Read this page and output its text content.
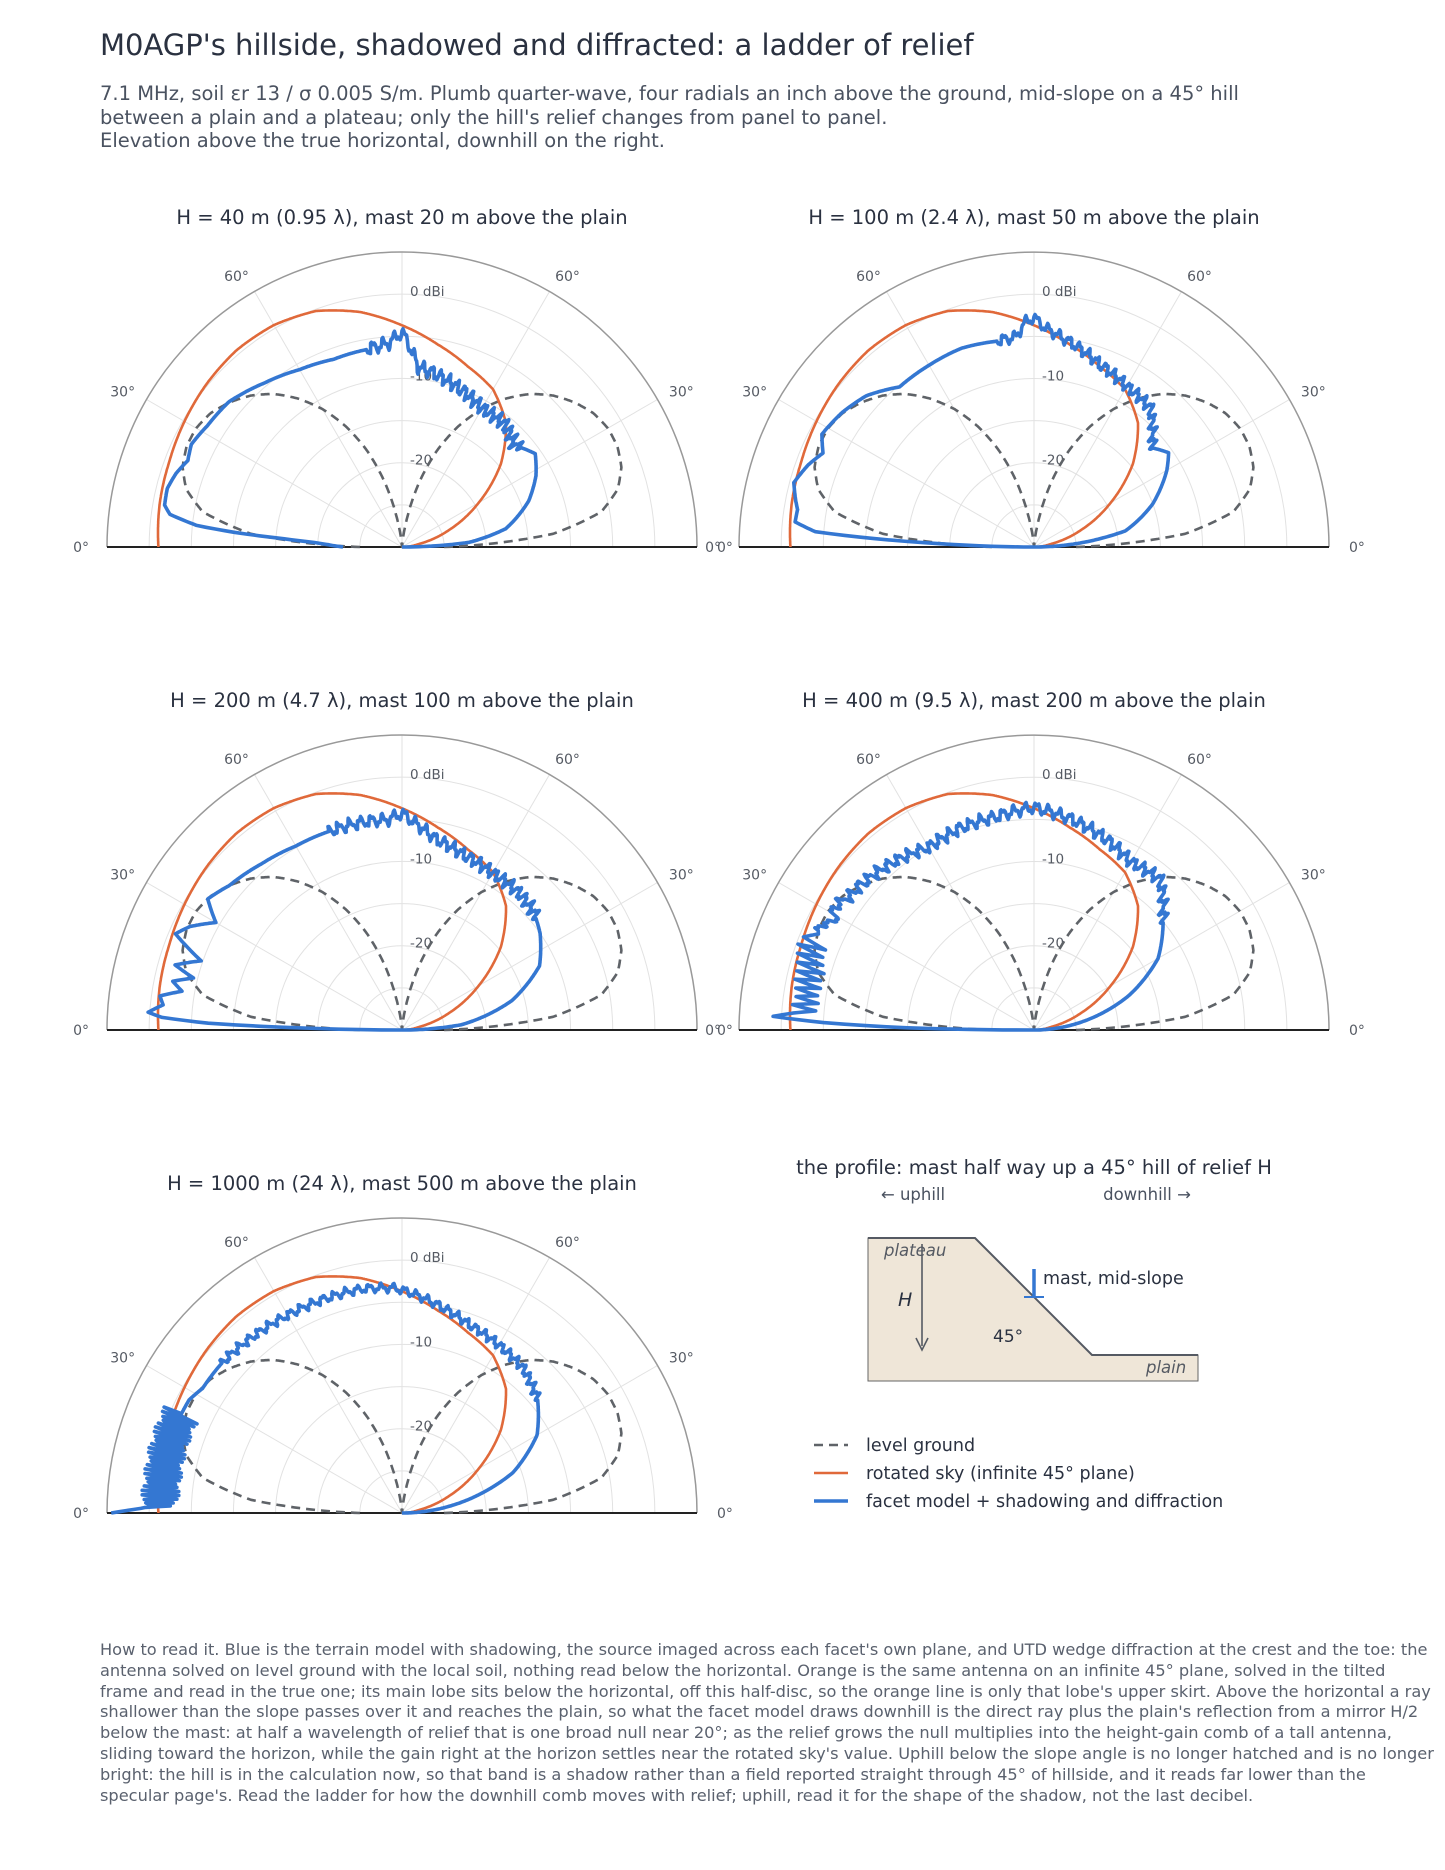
M0AGP's hillside, shadowed and diffracted: a ladder of relief
7.1 MHz, soil εr 13 / σ 0.005 S/m. Plumb quarter-wave, four radials an inch above the ground, mid-slope on a 45° hill
between a plain and a plateau; only the hill's relief changes from panel to panel.
Elevation above the true horizontal, downhill on the right.
H = 40 m (0.95 λ), mast 20 m above the plain
0°
30°
60°	60°
30°
0°
0 dBi
-10
-20
H = 100 m (2.4 λ), mast 50 m above the plain
0°
30°
60°	60°
30°
0°
0 dBi
-10
-20
H = 200 m (4.7 λ), mast 100 m above the plain
0°
30°
60°	60°
30°
0°
0 dBi
-10
-20
H = 400 m (9.5 λ), mast 200 m above the plain
0°
30°
60°	60°
30°
0°
0 dBi
-10
-20
H = 1000 m (24 λ), mast 500 m above the plain
0°
30°
60°	60°
30°
0°
0 dBi
-10
-20
the profile: mast half way up a 45° hill of relief H
← uphill	downhill →
plateau
plain
H
45°
mast, mid-slope
level ground
rotated sky (infinite 45° plane)
facet model + shadowing and diffraction
How to read it. Blue is the terrain model with shadowing, the source imaged across each facet's own plane, and UTD wedge diffraction at the crest and the toe: the antenna solved on level ground with the local soil, nothing read below the horizontal. Orange is the same antenna on an infinite 45° plane, solved in the tilted frame and read in the true one; its main lobe sits below the horizontal, off this half-disc, so the orange line is only that lobe's upper skirt. Above the horizontal a ray shallower than the slope passes over it and reaches the plain, so what the facet model draws downhill is the direct ray plus the plain's reflection from a mirror H/2 below the mast: at half a wavelength of relief that is one broad null near 20°; as the relief grows the null multiplies into the height-gain comb of a tall antenna, sliding toward the horizon, while the gain right at the horizon settles near the rotated sky's value. Uphill below the slope angle is no longer hatched and is no longer bright: the hill is in the calculation now, so that band is a shadow rather than a field reported straight through 45° of hillside, and it reads far lower than the specular page's. Read the ladder for how the downhill comb moves with relief; uphill, read it for the shape of the shadow, not the last decibel.
